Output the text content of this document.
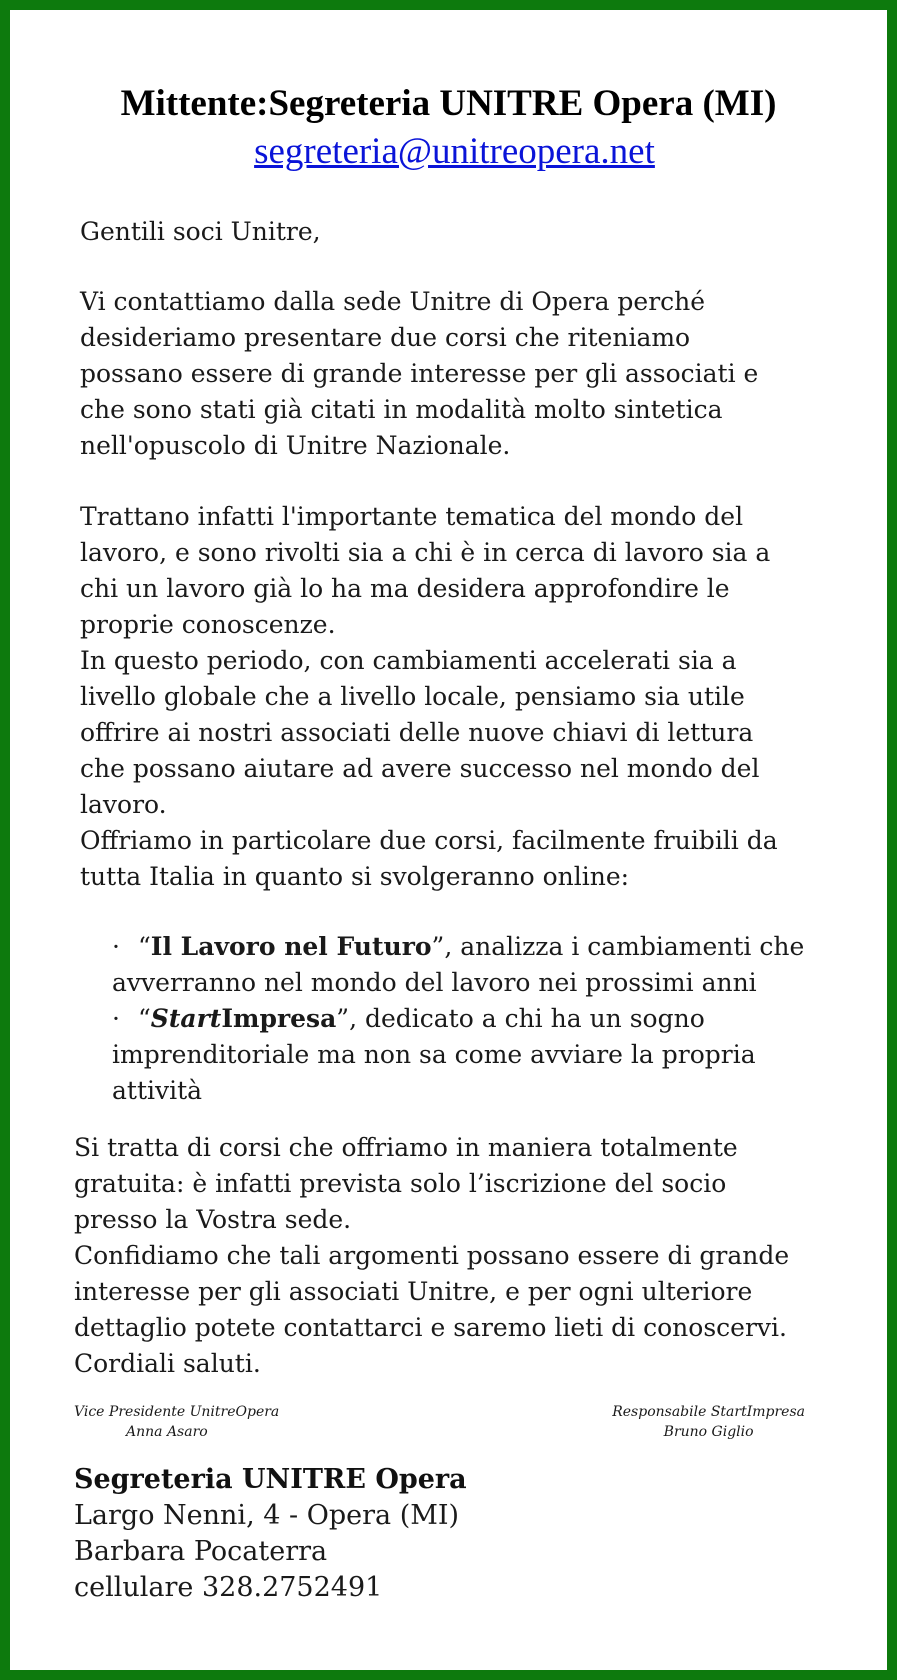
Mittente:Segreteria UNITRE Opera (MI)
segreteria@unitreopera.net

Gentili soci Unitre,

Vi contattiamo dalla sede Unitre di Opera perché

desideriamo presentare due corsi che riteniamo

possano essere di grande interesse per gli associati e

che sono stati già citati in modalità molto sintetica

nell'opuscolo di Unitre Nazionale.

Trattano infatti l'importante tematica del mondo del

lavoro, e sono rivolti sia a chi è in cerca di lavoro sia a

chi un lavoro già lo ha ma desidera approfondire le

proprie conoscenze.

In questo periodo, con cambiamenti accelerati sia a

livello globale che a livello locale, pensiamo sia utile

offrire ai nostri associati delle nuove chiavi di lettura

che possano aiutare ad avere successo nel mondo del

lavoro.

Offriamo in particolare due corsi, facilmente fruibili da

tutta Italia in quanto si svolgeranno online:

· “Il Lavoro nel Futuro”, analizza i cambiamenti che

avverranno nel mondo del lavoro nei prossimi anni

· “StartImpresa”, dedicato a chi ha un sogno

imprenditoriale ma non sa come avviare la propria

attività

Si tratta di corsi che offriamo in maniera totalmente

gratuita: è infatti prevista solo l’iscrizione del socio

presso la Vostra sede.

Confidiamo che tali argomenti possano essere di grande

interesse per gli associati Unitre, e per ogni ulteriore

dettaglio potete contattarci e saremo lieti di conoscervi.

Cordiali saluti.

Vice Presidente UnitreOpera
Anna Asaro
Responsabile StartImpresa
Bruno Giglio
Segreteria UNITRE Opera
Largo Nenni, 4 - Opera (MI)
Barbara Pocaterra
cellulare 328.2752491
